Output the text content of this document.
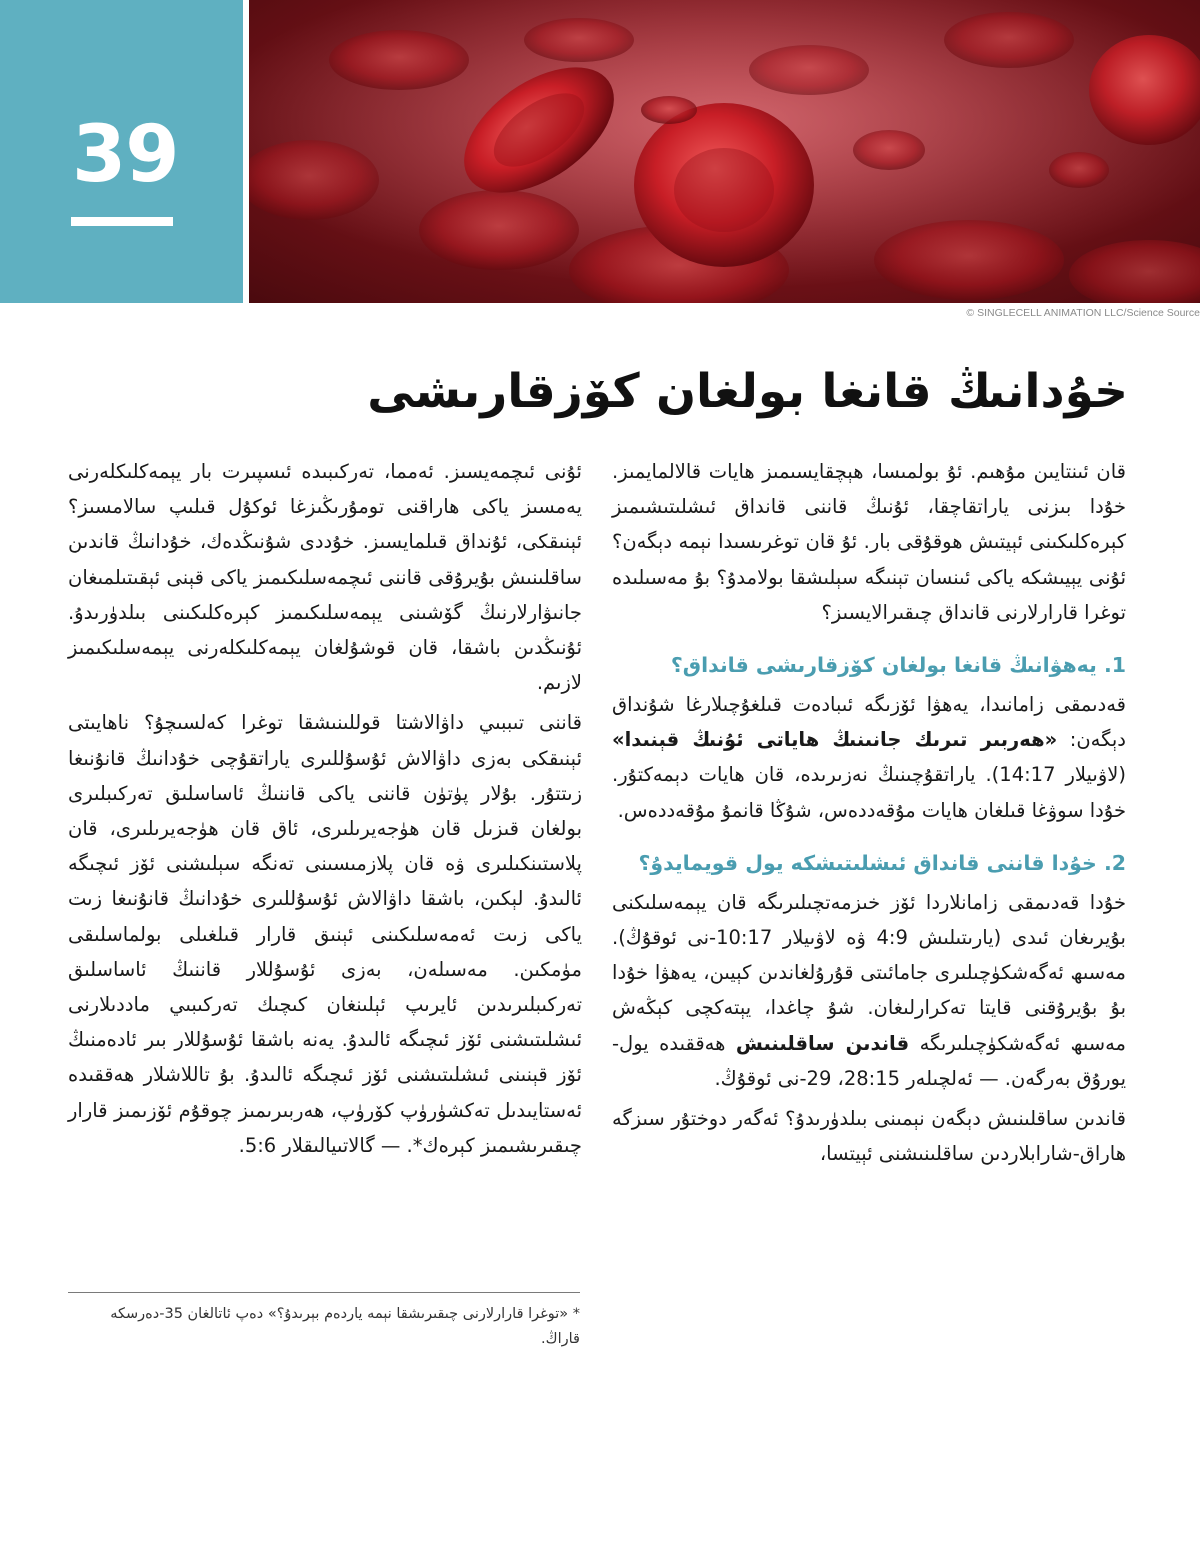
39
© SINGLECELL ANIMATION LLC/Science Source
خۇدانىڭ قانغا بولغان كۆزقارىشى

قان ئىنتايىن مۇھىم. ئۇ بولمىسا، ھېچقايسىمىز ھايات قالالمايمىز. خۇدا بىزنى ياراتقاچقا، ئۇنىڭ قاننى قانداق ئىشلىتىشىمىز كېرەكلىكىنى ئېيتىش ھوقۇقى بار. ئۇ قان توغرىسىدا نېمە دېگەن؟ ئۇنى يېيىشكە ياكى ئىنسان تېنىگە سېلىشقا بولامدۇ؟ بۇ مەسىلىدە توغرا قارارلارنى قانداق چىقىرالايسىز؟

1. يەھۋانىڭ قانغا بولغان كۆزقارىشى قانداق؟

قەدىمقى زامانىدا، يەھۋا ئۆزىگە ئىبادەت قىلغۇچىلارغا شۇنداق دېگەن: «ھەربىر تىرىك جانىنىڭ ھاياتى ئۇنىڭ قېنىدا» (لاۋىيلار 14:17). ياراتقۇچىنىڭ نەزىرىدە، قان ھايات دېمەكتۇر. خۇدا سوۋغا قىلغان ھايات مۇقەددەس، شۇڭا قانمۇ مۇقەددەس.

2. خۇدا قاننى قانداق ئىشلىتىشكە يول قويمايدۇ؟

خۇدا قەدىمقى زامانلاردا ئۆز خىزمەتچىلىرىگە قان يېمەسلىكنى بۇيرىغان ئىدى (يارىتىلىش 4:9 ۋە لاۋىيلار 10:17-نى ئوقۇڭ). مەسىھ ئەگەشكۈچىلىرى جامائىتى قۇرۇلغاندىن كېيىن، يەھۋا خۇدا بۇ بۇيرۇقنى قايتا تەكرارلىغان. شۇ چاغدا، يېتەكچى كېڭەش مەسىھ ئەگەشكۈچىلىرىگە قاندىن ساقلىنىش ھەققىدە يول-يورۇق بەرگەن. — ئەلچىلەر 28:15، 29-نى ئوقۇڭ.

قاندىن ساقلىنىش دېگەن نېمىنى بىلدۈرىدۇ؟ ئەگەر دوختۇر سىزگە ھاراق-شارابلاردىن ساقلىنىشنى ئېيتسا،

ئۇنى ئىچمەيسىز. ئەمما، تەركىبىدە ئىسپىرت بار يېمەكلىكلەرنى يەمسىز ياكى ھاراقنى تومۇرىڭىزغا ئوكۇل قىلىپ سالامسىز؟ ئېنىقكى، ئۇنداق قىلمايسىز. خۇددى شۇنىڭدەك، خۇدانىڭ قاندىن ساقلىنىش بۇيرۇقى قاننى ئىچمەسلىكىمىز ياكى قېنى ئېقىتىلمىغان جانىۋارلارنىڭ گۆشىنى يېمەسلىكىمىز كېرەكلىكىنى بىلدۈرىدۇ. ئۇنىڭدىن باشقا، قان قوشۇلغان يېمەكلىكلەرنى يېمەسلىكىمىز لازىم.

قاننى تىببىي داۋالاشتا قوللىنىشقا توغرا كەلسىچۇ؟ ناھايىتى ئېنىقكى بەزى داۋالاش ئۇسۇللىرى ياراتقۇچى خۇدانىڭ قانۇنىغا زىتتۇر. بۇلار پۈتۈن قاننى ياكى قاننىڭ ئاساسلىق تەركىبلىرى بولغان قىزىل قان ھۈجەيرىلىرى، ئاق قان ھۈجەيرىلىرى، قان پلاستىنكىلىرى ۋە قان پلازمىسىنى تەنگە سېلىشنى ئۆز ئىچىگە ئالىدۇ. لېكىن، باشقا داۋالاش ئۇسۇللىرى خۇدانىڭ قانۇنىغا زىت ياكى زىت ئەمەسلىكىنى ئېنىق قارار قىلغىلى بولماسلىقى مۈمكىن. مەسىلەن، بەزى ئۇسۇللار قاننىڭ ئاساسلىق تەركىبلىرىدىن ئايرىپ ئېلىنغان كىچىك تەركىبىي ماددىلارنى ئىشلىتىشنى ئۆز ئىچىگە ئالىدۇ. يەنە باشقا ئۇسۇللار بىر ئادەمنىڭ ئۆز قېنىنى ئىشلىتىشنى ئۆز ئىچىگە ئالىدۇ. بۇ تاللاشلار ھەققىدە ئەستايىدىل تەكشۈرۈپ كۆرۈپ، ھەربىرىمىز چوقۇم ئۆزىمىز قارار چىقىرىشىمىز كېرەك*. — گالاتىيالىقلار 5:6.

* «توغرا قارارلارنى چىقىرىشقا نېمە ياردەم بېرىدۇ؟» دەپ ئاتالغان 35-دەرسكە قاراڭ.
